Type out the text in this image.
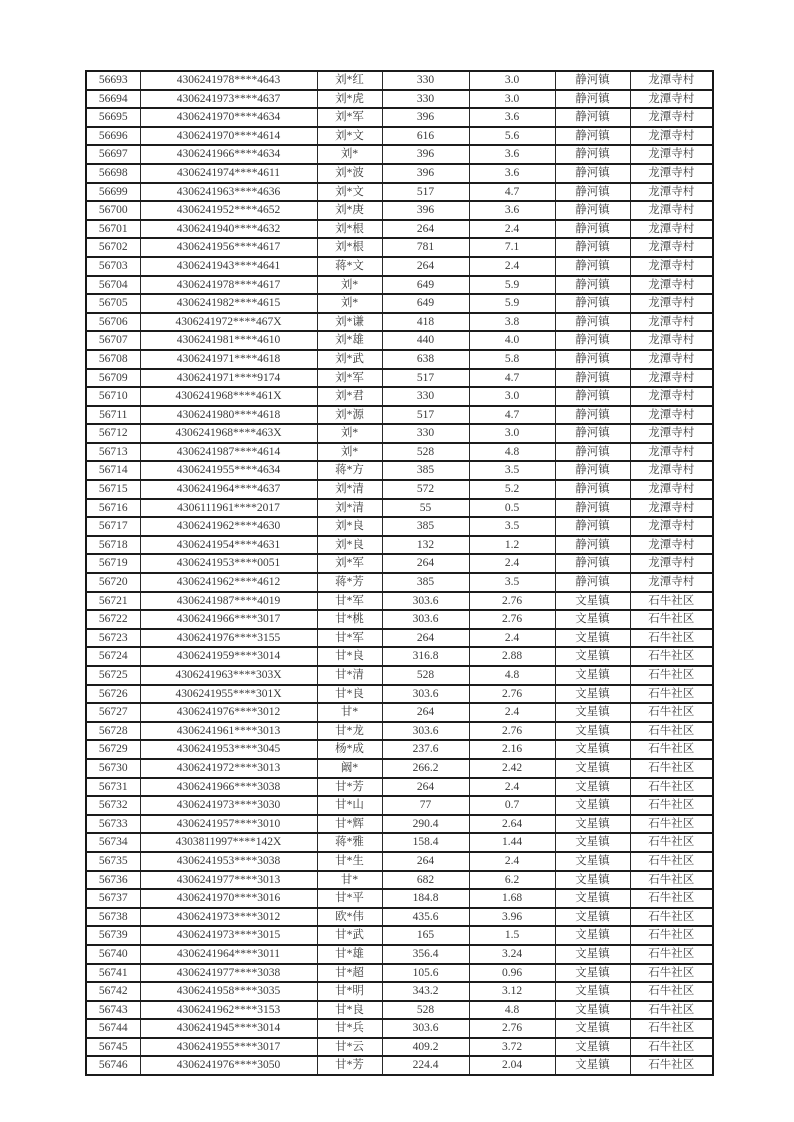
56693	4306241978****4643	刘*红	330	3.0	静河镇	龙潭寺村
56694	4306241973****4637	刘*虎	330	3.0	静河镇	龙潭寺村
56695	4306241970****4634	刘*军	396	3.6	静河镇	龙潭寺村
56696	4306241970****4614	刘*文	616	5.6	静河镇	龙潭寺村
56697	4306241966****4634	刘*	396	3.6	静河镇	龙潭寺村
56698	4306241974****4611	刘*波	396	3.6	静河镇	龙潭寺村
56699	4306241963****4636	刘*文	517	4.7	静河镇	龙潭寺村
56700	4306241952****4652	刘*庚	396	3.6	静河镇	龙潭寺村
56701	4306241940****4632	刘*根	264	2.4	静河镇	龙潭寺村
56702	4306241956****4617	刘*根	781	7.1	静河镇	龙潭寺村
56703	4306241943****4641	蒋*文	264	2.4	静河镇	龙潭寺村
56704	4306241978****4617	刘*	649	5.9	静河镇	龙潭寺村
56705	4306241982****4615	刘*	649	5.9	静河镇	龙潭寺村
56706	4306241972****467X	刘*谦	418	3.8	静河镇	龙潭寺村
56707	4306241981****4610	刘*雄	440	4.0	静河镇	龙潭寺村
56708	4306241971****4618	刘*武	638	5.8	静河镇	龙潭寺村
56709	4306241971****9174	刘*军	517	4.7	静河镇	龙潭寺村
56710	4306241968****461X	刘*君	330	3.0	静河镇	龙潭寺村
56711	4306241980****4618	刘*源	517	4.7	静河镇	龙潭寺村
56712	4306241968****463X	刘*	330	3.0	静河镇	龙潭寺村
56713	4306241987****4614	刘*	528	4.8	静河镇	龙潭寺村
56714	4306241955****4634	蒋*方	385	3.5	静河镇	龙潭寺村
56715	4306241964****4637	刘*清	572	5.2	静河镇	龙潭寺村
56716	4306111961****2017	刘*清	55	0.5	静河镇	龙潭寺村
56717	4306241962****4630	刘*良	385	3.5	静河镇	龙潭寺村
56718	4306241954****4631	刘*良	132	1.2	静河镇	龙潭寺村
56719	4306241953****0051	刘*军	264	2.4	静河镇	龙潭寺村
56720	4306241962****4612	蒋*芳	385	3.5	静河镇	龙潭寺村
56721	4306241987****4019	甘*军	303.6	2.76	文星镇	石牛社区
56722	4306241966****3017	甘*桃	303.6	2.76	文星镇	石牛社区
56723	4306241976****3155	甘*军	264	2.4	文星镇	石牛社区
56724	4306241959****3014	甘*良	316.8	2.88	文星镇	石牛社区
56725	4306241963****303X	甘*清	528	4.8	文星镇	石牛社区
56726	4306241955****301X	甘*良	303.6	2.76	文星镇	石牛社区
56727	4306241976****3012	甘*	264	2.4	文星镇	石牛社区
56728	4306241961****3013	甘*龙	303.6	2.76	文星镇	石牛社区
56729	4306241953****3045	杨*成	237.6	2.16	文星镇	石牛社区
56730	4306241972****3013	阚*	266.2	2.42	文星镇	石牛社区
56731	4306241966****3038	甘*芳	264	2.4	文星镇	石牛社区
56732	4306241973****3030	甘*山	77	0.7	文星镇	石牛社区
56733	4306241957****3010	甘*辉	290.4	2.64	文星镇	石牛社区
56734	4303811997****142X	蒋*雅	158.4	1.44	文星镇	石牛社区
56735	4306241953****3038	甘*生	264	2.4	文星镇	石牛社区
56736	4306241977****3013	甘*	682	6.2	文星镇	石牛社区
56737	4306241970****3016	甘*平	184.8	1.68	文星镇	石牛社区
56738	4306241973****3012	欧*伟	435.6	3.96	文星镇	石牛社区
56739	4306241973****3015	甘*武	165	1.5	文星镇	石牛社区
56740	4306241964****3011	甘*雄	356.4	3.24	文星镇	石牛社区
56741	4306241977****3038	甘*超	105.6	0.96	文星镇	石牛社区
56742	4306241958****3035	甘*明	343.2	3.12	文星镇	石牛社区
56743	4306241962****3153	甘*良	528	4.8	文星镇	石牛社区
56744	4306241945****3014	甘*兵	303.6	2.76	文星镇	石牛社区
56745	4306241955****3017	甘*云	409.2	3.72	文星镇	石牛社区
56746	4306241976****3050	甘*芳	224.4	2.04	文星镇	石牛社区
